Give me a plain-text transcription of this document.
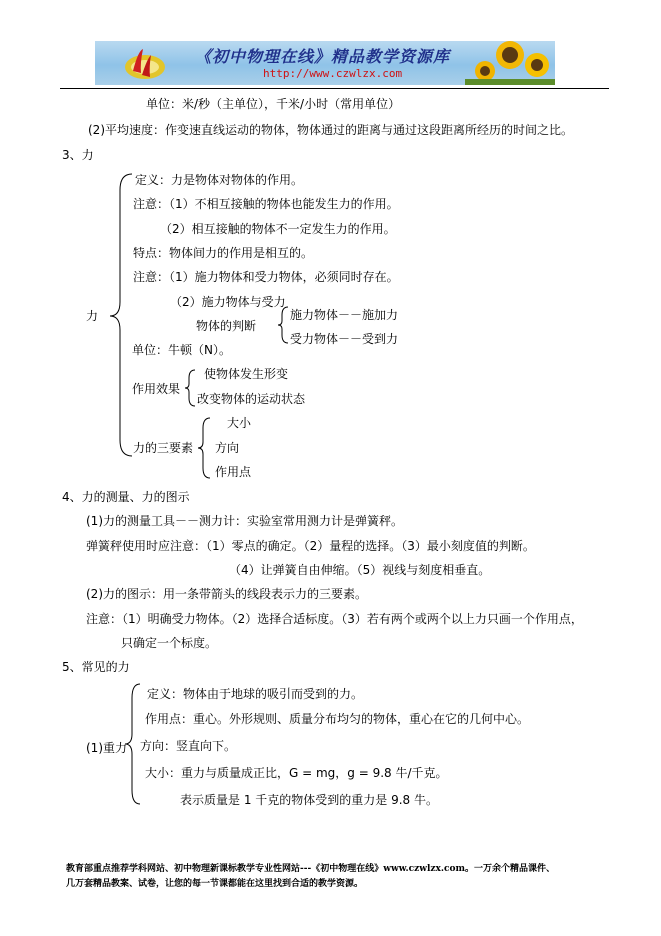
《初中物理在线》精品教学资源库
http://www.czwlzx.com
单位：米/秒（主单位），千米/小时（常用单位）
(2)平均速度：作变速直线运动的物体，物体通过的距离与通过这段距离所经历的时间之比。
3、力
力
定义：力是物体对物体的作用。
注意：（1）不相互接触的物体也能发生力的作用。
（2）相互接触的物体不一定发生力的作用。
特点：物体间力的作用是相互的。
注意：（1）施力物体和受力物体，必须同时存在。
（2）施力物体与受力
物体的判断
施力物体－－施加力
受力物体－－受到力
单位：牛顿（N）。
作用效果
使物体发生形变
改变物体的运动状态
力的三要素
大小
方向
作用点
4、力的测量、力的图示
(1)力的测量工具－－测力计：实验室常用测力计是弹簧秤。
弹簧秤使用时应注意：（1）零点的确定。（2）量程的选择。（3）最小刻度值的判断。
（4）让弹簧自由伸缩。（5）视线与刻度相垂直。
(2)力的图示：用一条带箭头的线段表示力的三要素。
注意：（1）明确受力物体。（2）选择合适标度。（3）若有两个或两个以上力只画一个作用点，
只确定一个标度。
5、常见的力
(1)重力
定义：物体由于地球的吸引而受到的力。
作用点：重心。外形规则、质量分布均匀的物体，重心在它的几何中心。
方向：竖直向下。
大小：重力与质量成正比，G = mg，g = 9.8 牛/千克。
表示质量是 1 千克的物体受到的重力是 9.8 牛。
教育部重点推荐学科网站、初中物理新课标教学专业性网站---《初中物理在线》www.czwlzx.com。一万余个精品课件、
几万套精品教案、试卷，让您的每一节课都能在这里找到合适的教学资源。
